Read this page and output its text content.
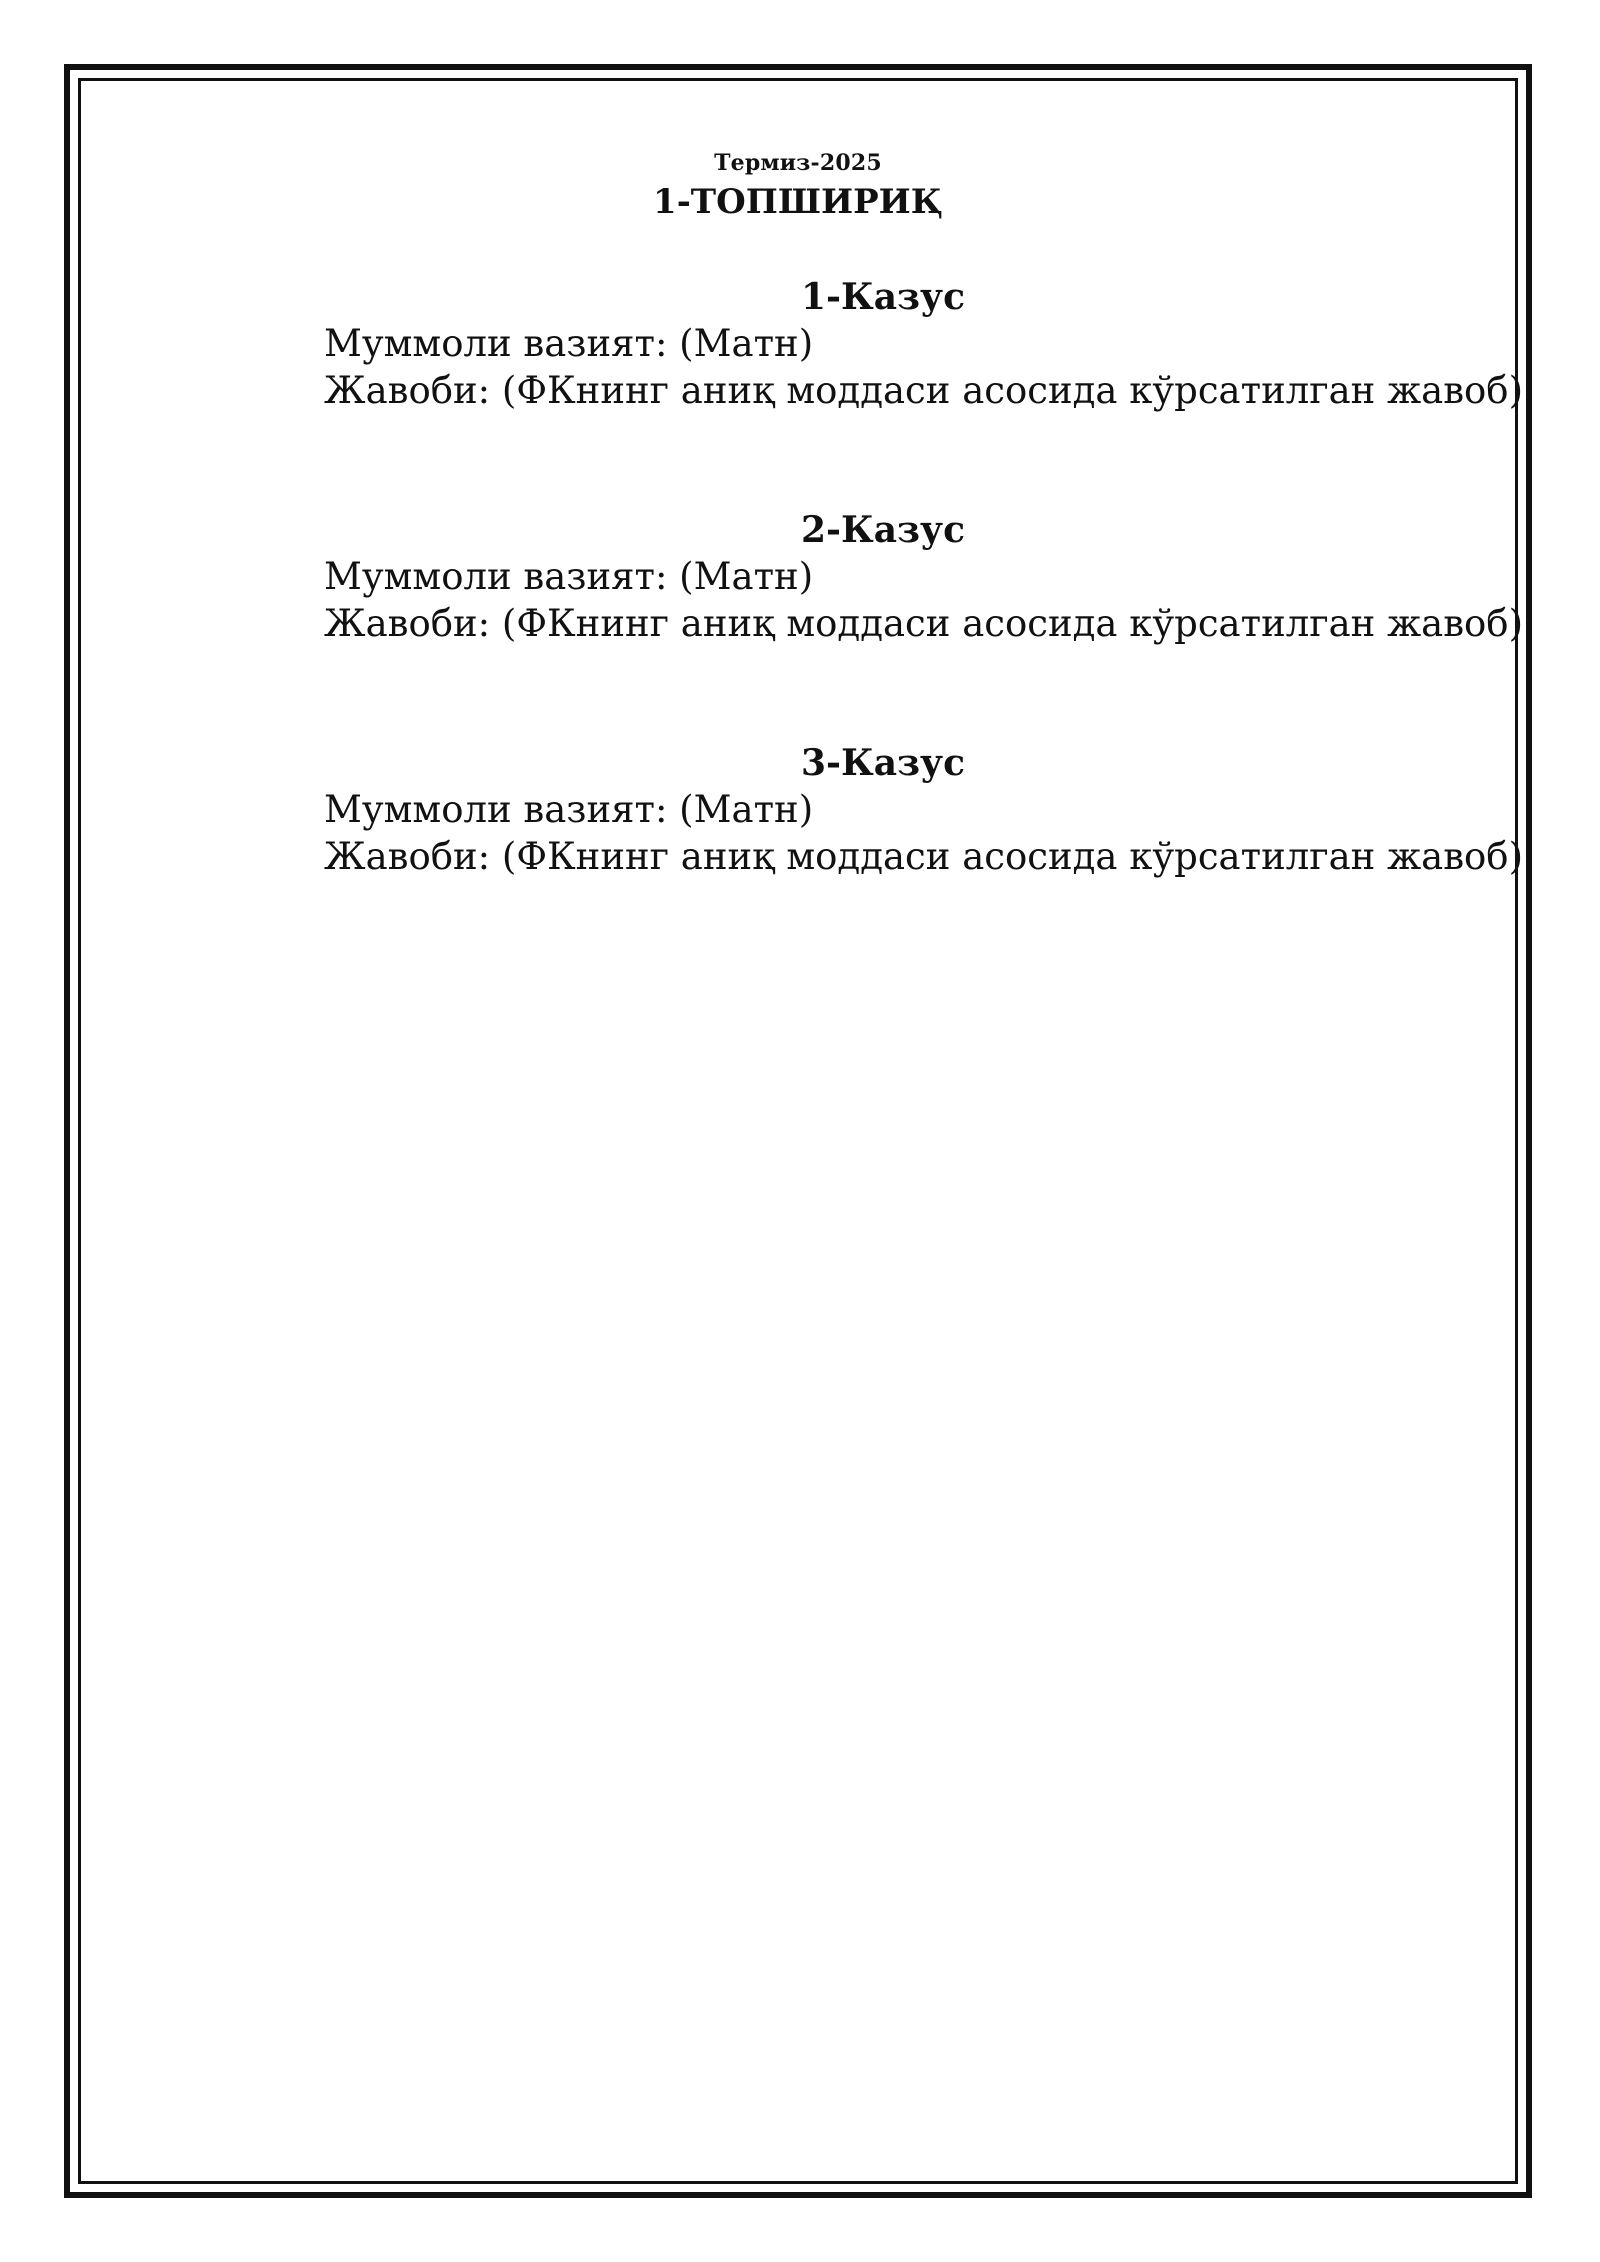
Термиз-2025
1-ТОПШИРИҚ
1-Казус
Муммоли вазият: (Матн)
Жавоби: (ФКнинг аниқ моддаси асосида кўрсатилган жавоб)
2-Казус
Муммоли вазият: (Матн)
Жавоби: (ФКнинг аниқ моддаси асосида кўрсатилган жавоб)
3-Казус
Муммоли вазият: (Матн)
Жавоби: (ФКнинг аниқ моддаси асосида кўрсатилган жавоб)
